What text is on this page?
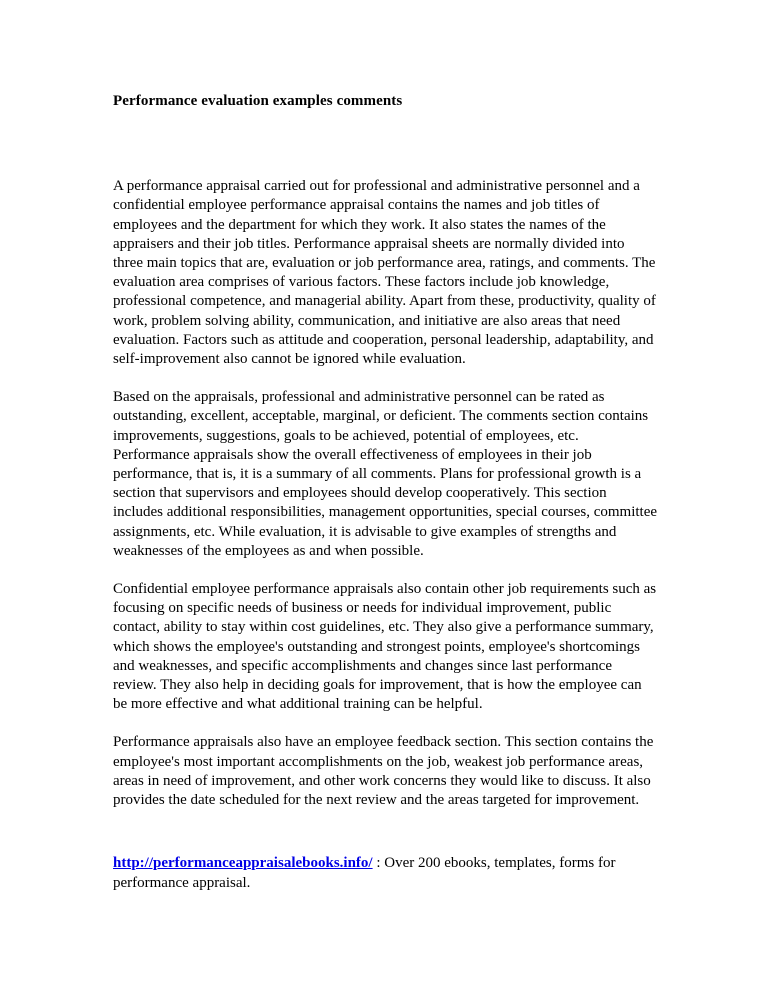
Performance evaluation examples comments

A performance appraisal carried out for professional and administrative personnel and a confidential employee performance appraisal contains the names and job titles of employees and the department for which they work. It also states the names of the appraisers and their job titles. Performance appraisal sheets are normally divided into three main topics that are, evaluation or job performance area, ratings, and comments. The evaluation area comprises of various factors. These factors include job knowledge, professional competence, and managerial ability. Apart from these, productivity, quality of work, problem solving ability, communication, and initiative are also areas that need evaluation. Factors such as attitude and cooperation, personal leadership, adaptability, and self-improvement also cannot be ignored while evaluation.

Based on the appraisals, professional and administrative personnel can be rated as outstanding, excellent, acceptable, marginal, or deficient. The comments section contains improvements, suggestions, goals to be achieved, potential of employees, etc. Performance appraisals show the overall effectiveness of employees in their job performance, that is, it is a summary of all comments. Plans for professional growth is a section that supervisors and employees should develop cooperatively. This section includes additional responsibilities, management opportunities, special courses, committee assignments, etc. While evaluation, it is advisable to give examples of strengths and weaknesses of the employees as and when possible.

Confidential employee performance appraisals also contain other job requirements such as focusing on specific needs of business or needs for individual improvement, public contact, ability to stay within cost guidelines, etc. They also give a performance summary, which shows the employee's outstanding and strongest points, employee's shortcomings and weaknesses, and specific accomplishments and changes since last performance review. They also help in deciding goals for improvement, that is how the employee can be more effective and what additional training can be helpful.

Performance appraisals also have an employee feedback section. This section contains the employee's most important accomplishments on the job, weakest job performance areas, areas in need of improvement, and other work concerns they would like to discuss. It also provides the date scheduled for the next review and the areas targeted for improvement.

http://performanceappraisalebooks.info/ : Over 200 ebooks, templates, forms for performance appraisal.
